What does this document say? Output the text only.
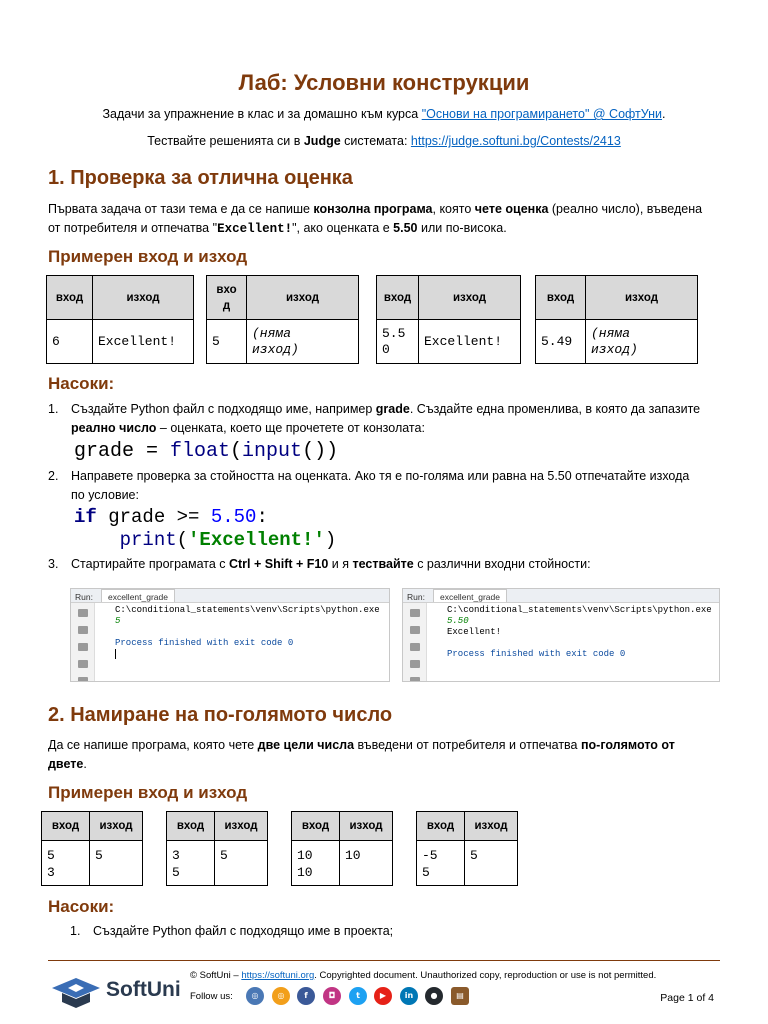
Лаб: Условни конструкции
Задачи за упражнение в клас и за домашно към курса "Основи на програмирането" @ СофтУни.
Тествайте решенията си в Judge системата: https://judge.softuni.bg/Contests/2413
1. Проверка за отлична оценка
Първата задача от тази тема е да се напише конзолна програма, която чете оценка (реално число), въведена
от потребителя и отпечатва "Excellent!", ако оценката е 5.50 или по-висока.
Примерен вход и изход
вход	изход
6	Excellent!
вхо
д	изход
5	(няма
изход)
вход	изход
5.5
0	Excellent!
вход	изход
5.49	(няма
изход)
Насоки:
1. Създайте Python файл с подходящо име, например grade. Създайте една променлива, в която да запазите
реално число – оценката, което ще прочетете от конзолата:
grade = float(input())
2. Направете проверка за стойността на оценката. Ако тя е по-голяма или равна на 5.50 отпечатайте изхода
по условие:
if grade >= 5.50:
print('Excellent!')
3. Стартирайте програмата с Ctrl + Shift + F10 и я тествайте с различни входни стойности:
Run: excellent_grade
C:\conditional_statements\venv\Scripts\python.exe
5

Process finished with exit code 0
Run: excellent_grade
C:\conditional_statements\venv\Scripts\python.exe
5.50
Excellent!

Process finished with exit code 0
2. Намиране на по-голямото число
Да се напише програма, която чете две цели числа въведени от потребителя и отпечатва по-голямото от
двете.
Примерен вход и изход
вход	изход
5
3	5
вход	изход
3
5	5
вход	изход
10
10	10
вход	изход
-5
5	5
Насоки:
1. Създайте Python файл с подходящо име в проекта;
SoftUni
© SoftUni – https://softuni.org. Copyrighted document. Unauthorized copy, reproduction or use is not permitted.
Follow us:	◎	◎	f	◘	t	▶	in	●	▤	Page 1 of 4
